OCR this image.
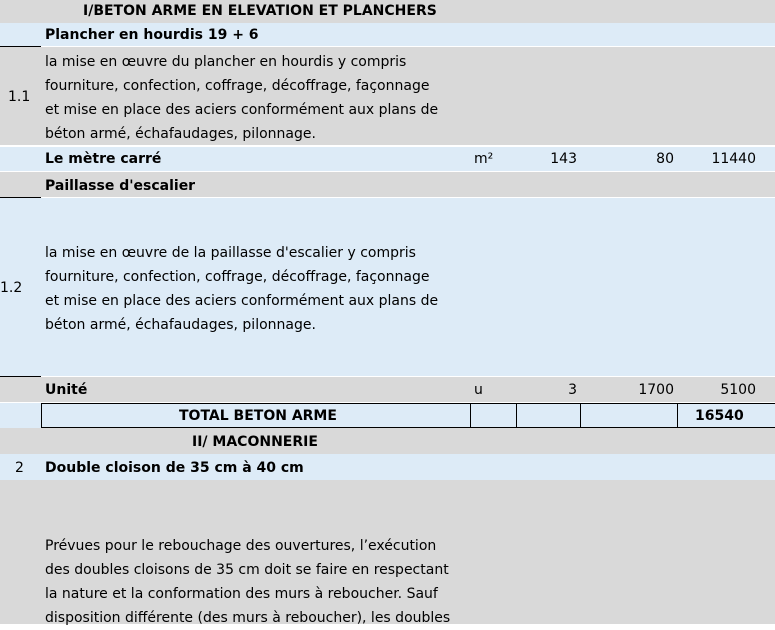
I/BETON ARME EN ELEVATION ET PLANCHERS
Plancher en hourdis 19 + 6
1.1
la mise en œuvre du plancher en hourdis y compris
fourniture, confection, coffrage, décoffrage, façonnage
et mise en place des aciers conformément aux plans de
béton armé, échafaudages, pilonnage.
Le mètre carré	m²	143	80	11440
Paillasse d'escalier
1.2
la mise en œuvre de la paillasse d'escalier y compris
fourniture, confection, coffrage, décoffrage, façonnage
et mise en place des aciers conformément aux plans de
béton armé, échafaudages, pilonnage.
Unité	u	3	1700	5100
TOTAL BETON ARME	16540
II/ MACONNERIE
2 Double cloison de 35 cm à 40 cm
Prévues pour le rebouchage des ouvertures, l’exécution
des doubles cloisons de 35 cm doit se faire en respectant
la nature et la conformation des murs à reboucher. Sauf
disposition différente (des murs à reboucher), les doubles
